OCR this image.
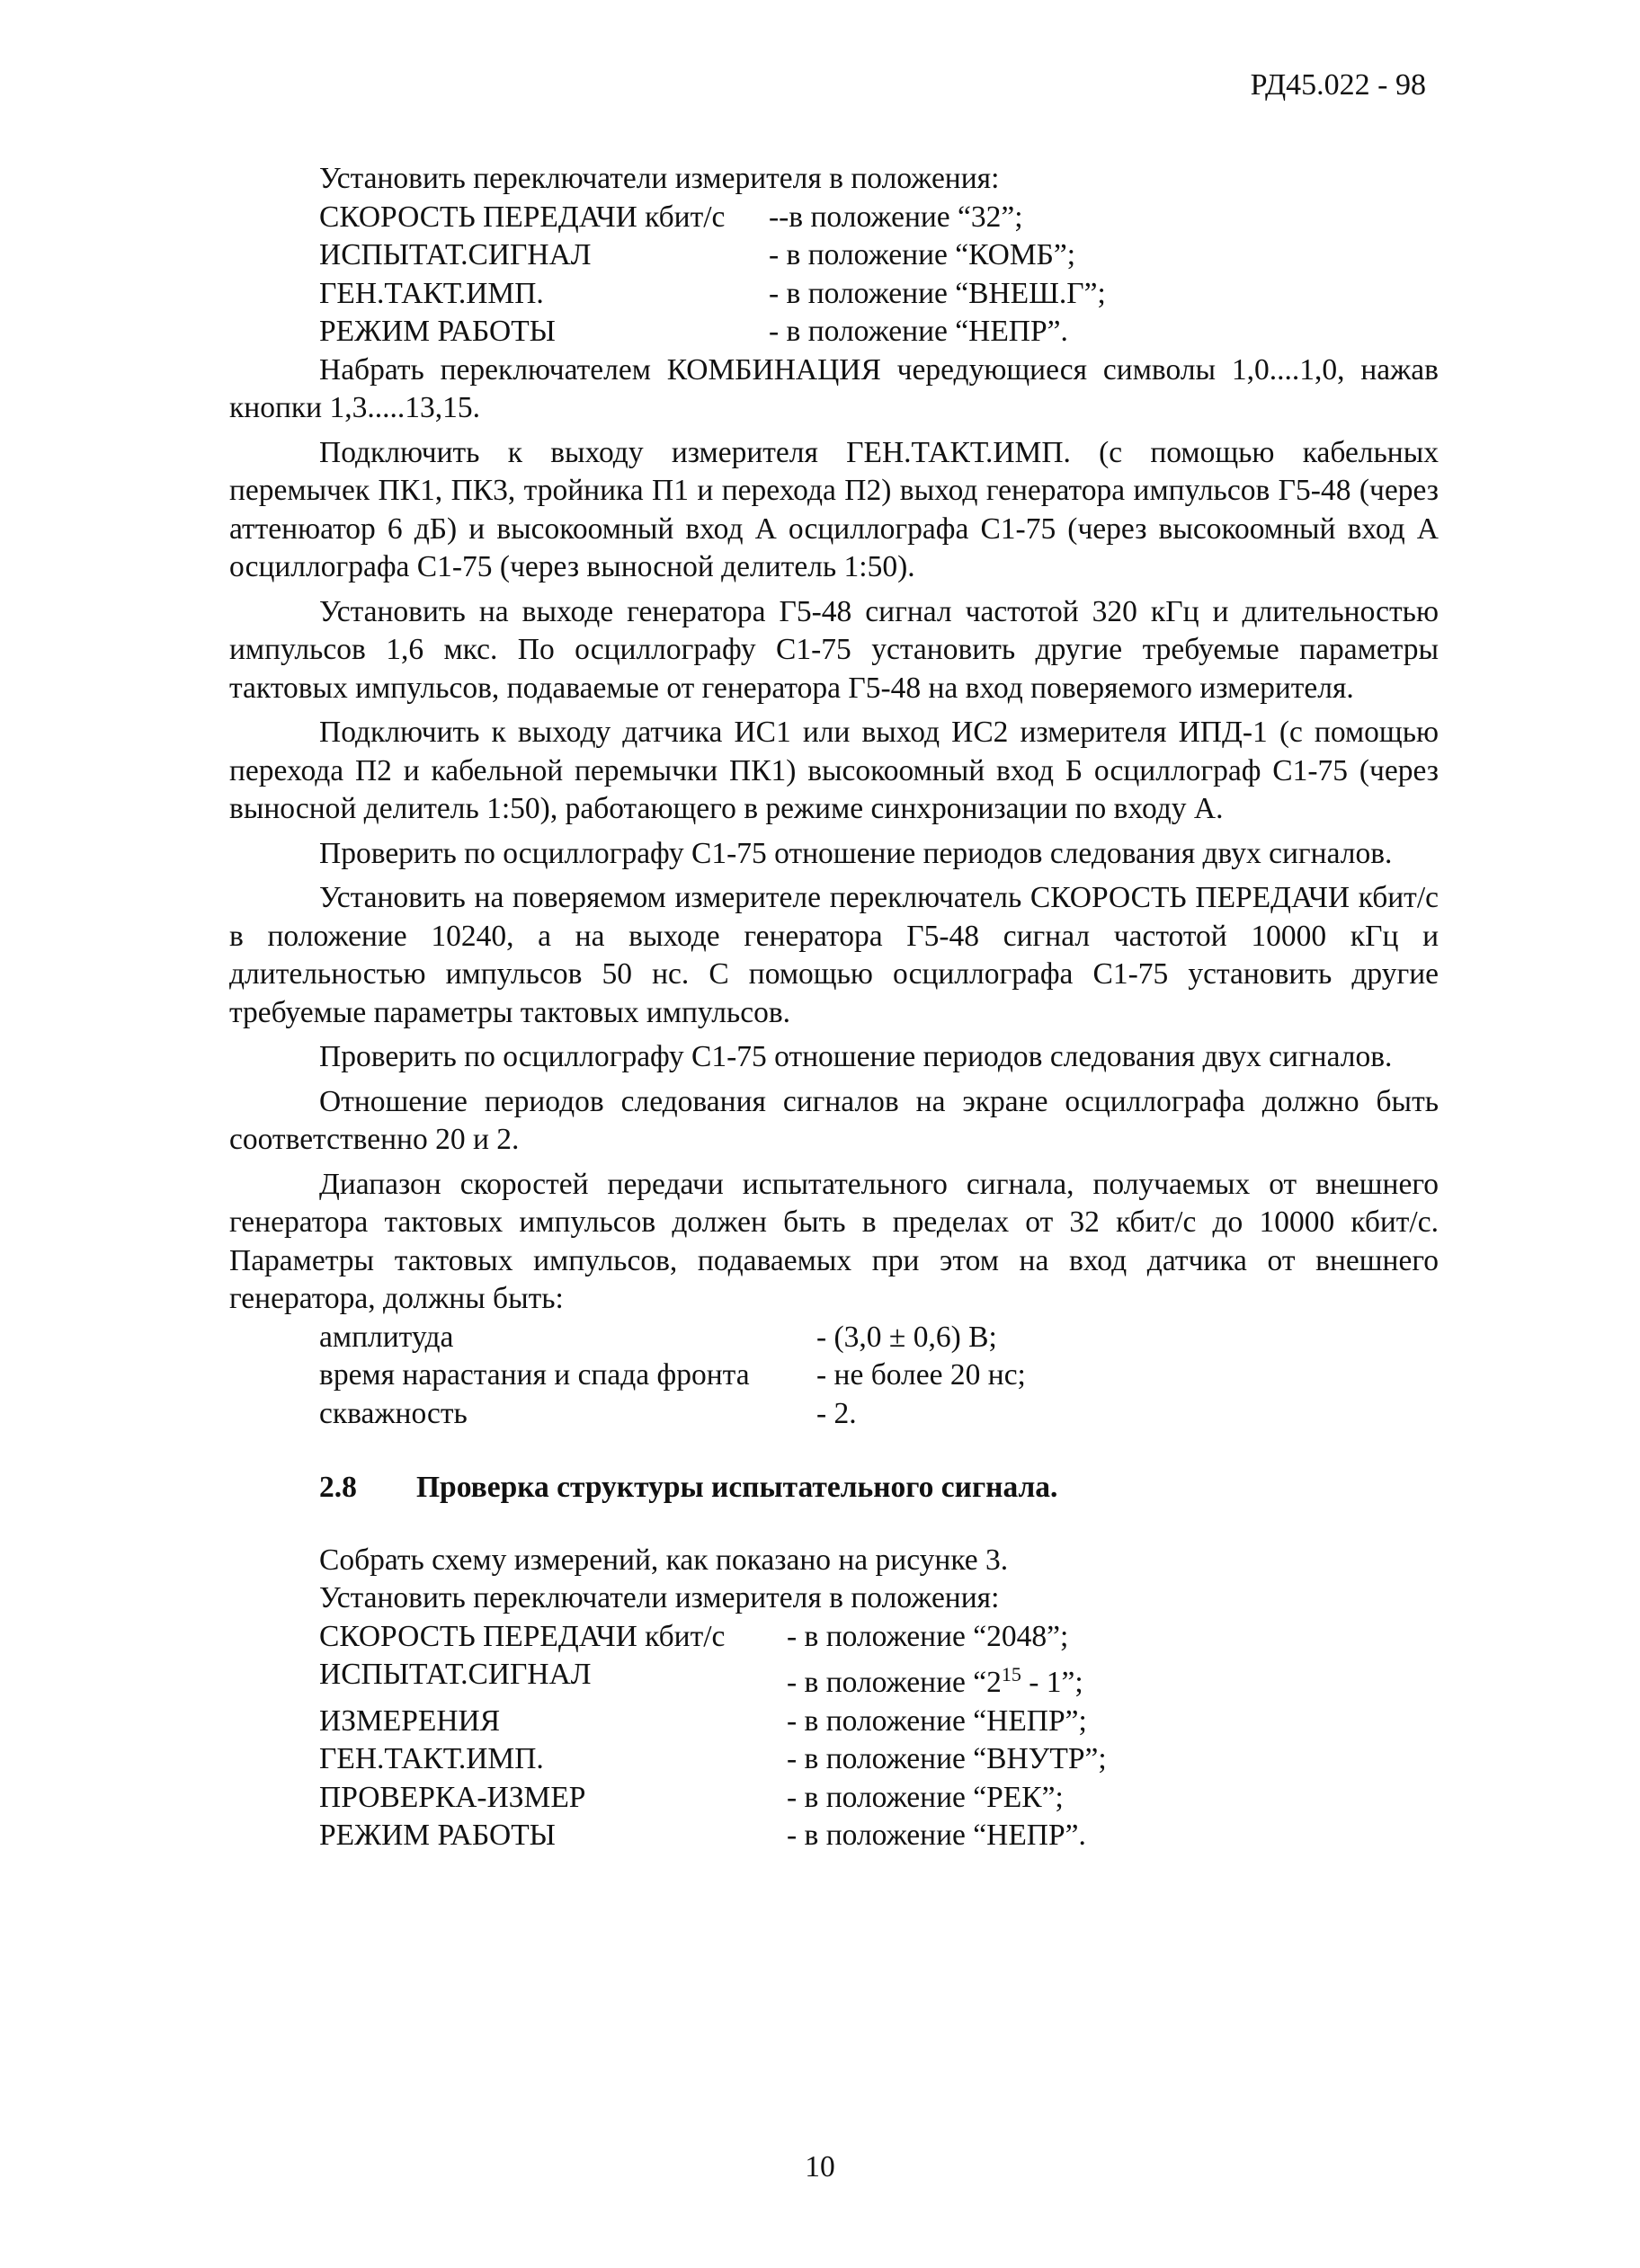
РД45.022 - 98
Установить переключатели измерителя в положения:
СКОРОСТЬ ПЕРЕДАЧИ кбит/с	--в положение “32”;
ИСПЫТАТ.СИГНАЛ	- в положение “КОМБ”;
ГЕН.ТАКТ.ИМП.	- в положение “ВНЕШ.Г”;
РЕЖИМ РАБОТЫ	- в положение “НЕПР”.

Набрать переключателем КОМБИНАЦИЯ чередующиеся символы 1,0....1,0, нажав кнопки 1,3.....13,15.

Подключить к выходу измерителя ГЕН.ТАКТ.ИМП. (с помощью кабельных перемычек ПК1, ПК3, тройника П1 и перехода П2) выход генератора импульсов Г5-48 (через аттенюатор 6 дБ) и высокоомный вход А осциллографа С1-75 (через высокоомный вход А осциллографа С1-75 (через выносной делитель 1:50).

Установить на выходе генератора Г5-48 сигнал частотой 320 кГц и длительностью импульсов 1,6 мкс. По осциллографу С1-75 установить другие требуемые параметры тактовых импульсов, подаваемые от генератора Г5-48 на вход поверяемого измерителя.

Подключить к выходу датчика ИС1 или выход ИС2 измерителя ИПД-1 (с помощью перехода П2 и кабельной перемычки ПК1) высокоомный вход Б осциллограф С1-75 (через выносной делитель 1:50), работающего в режиме синхронизации по входу А.

Проверить по осциллографу С1-75 отношение периодов следования двух сигналов.

Установить на поверяемом измерителе переключатель СКОРОСТЬ ПЕРЕДАЧИ кбит/с в положение 10240, а на выходе генератора Г5-48 сигнал частотой 10000 кГц и длительностью импульсов 50 нс. С помощью осциллографа С1-75 установить другие требуемые параметры тактовых импульсов.

Проверить по осциллографу С1-75 отношение периодов следования двух сигналов.

Отношение периодов следования сигналов на экране осциллографа должно быть соответственно 20 и 2.

Диапазон скоростей передачи испытательного сигнала, получаемых от внешнего генератора тактовых импульсов должен быть в пределах от 32 кбит/с до 10000 кбит/с. Параметры тактовых импульсов, подаваемых при этом на вход датчика от внешнего генератора, должны быть:

амплитуда	- (3,0 ± 0,6) В;
время нарастания и спада фронта	- не более 20 нс;
скважность	- 2.
2.8	Проверка структуры испытательного сигнала.
Собрать схему измерений, как показано на рисунке 3.
Установить переключатели измерителя в положения:
СКОРОСТЬ ПЕРЕДАЧИ кбит/с	- в положение “2048”;
ИСПЫТАТ.СИГНАЛ	- в положение “$2^{15} - 1$”;
ИЗМЕРЕНИЯ	- в положение “НЕПР”;
ГЕН.ТАКТ.ИМП.	- в положение “ВНУТР”;
ПРОВЕРКА-ИЗМЕР	- в положение “РЕК”;
РЕЖИМ РАБОТЫ	- в положение “НЕПР”.
10
